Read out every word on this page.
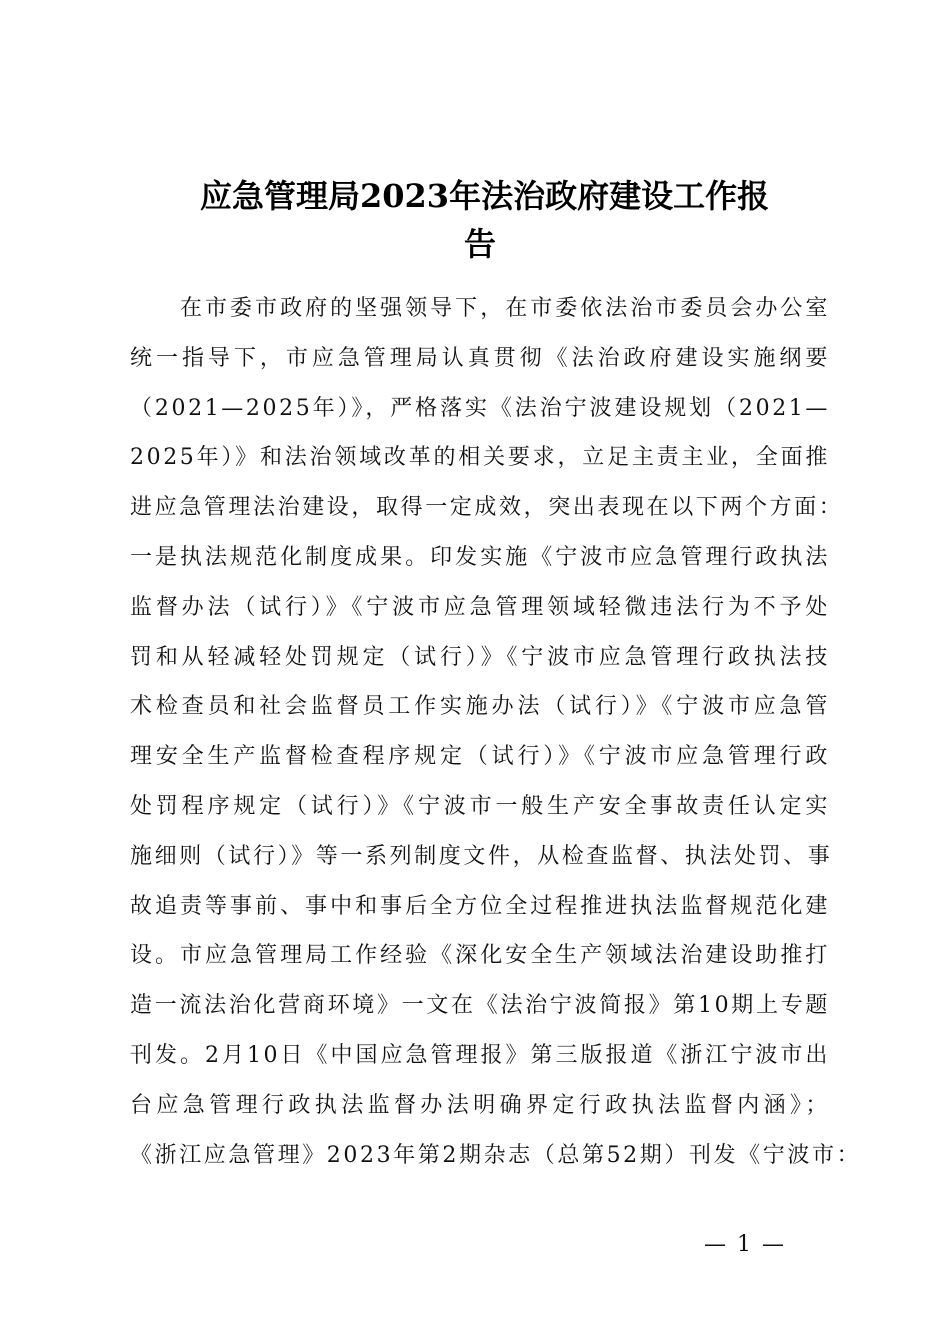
应急管理局2023年法治政府建设工作报
告
在市委市政府的坚强领导下，在市委依法治市委员会办公室
统一指导下，市应急管理局认真贯彻《法治政府建设实施纲要
（2021—2025年）》，严格落实《法治宁波建设规划（2021—
2025年）》和法治领域改革的相关要求，立足主责主业，全面推
进应急管理法治建设，取得一定成效，突出表现在以下两个方面：
一是执法规范化制度成果。印发实施《宁波市应急管理行政执法
监督办法（试行）》《宁波市应急管理领域轻微违法行为不予处
罚和从轻减轻处罚规定（试行）》《宁波市应急管理行政执法技
术检查员和社会监督员工作实施办法（试行）》《宁波市应急管
理安全生产监督检查程序规定（试行）》《宁波市应急管理行政
处罚程序规定（试行）》《宁波市一般生产安全事故责任认定实
施细则（试行）》等一系列制度文件，从检查监督、执法处罚、事
故追责等事前、事中和事后全方位全过程推进执法监督规范化建
设。市应急管理局工作经验《深化安全生产领域法治建设助推打
造一流法治化营商环境》一文在《法治宁波简报》第10期上专题
刊发。2月10日《中国应急管理报》第三版报道《浙江宁波市出
台应急管理行政执法监督办法明确界定行政执法监督内涵》；
《浙江应急管理》2023年第2期杂志（总第52期）刊发《宁波市：
— 1 —
